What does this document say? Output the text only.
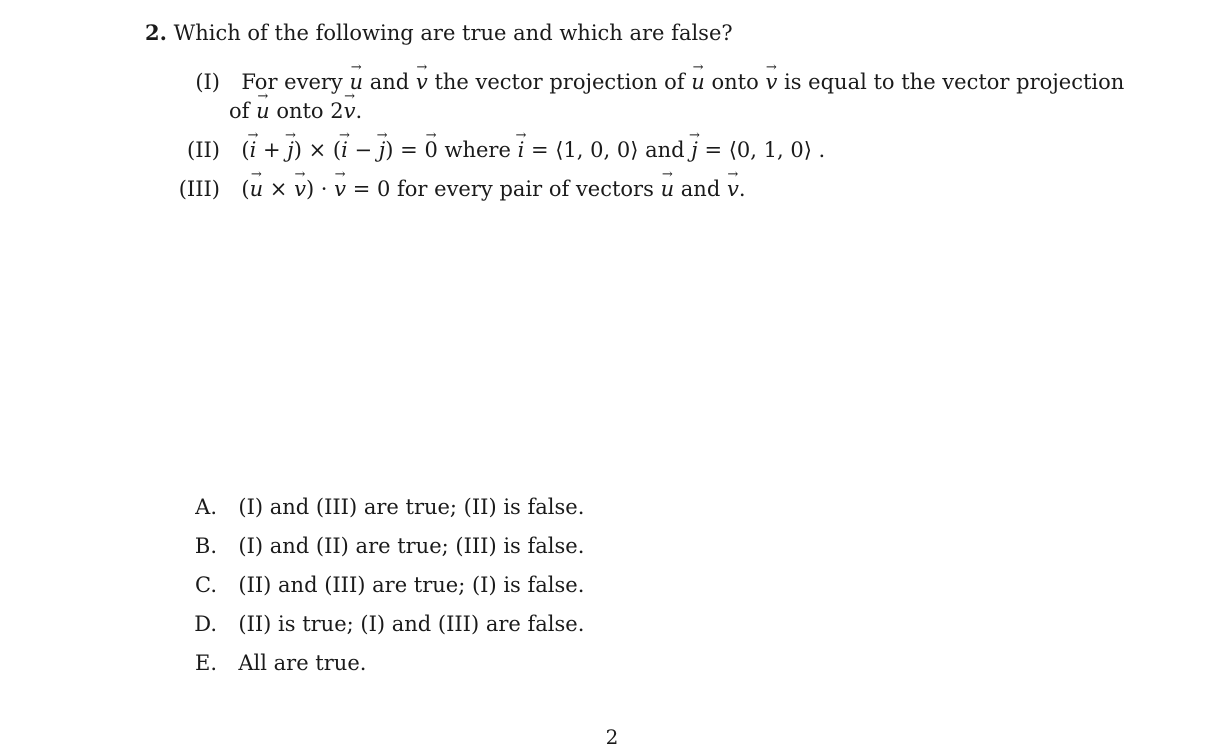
2. Which of the following are true and which are false?
(I) For every u → and v → the vector projection of u → onto v → is equal to the vector projection
of u → onto 2v →.
(II) (i → + j →) × (i → − j →) = 0 → where i → = ⟨1, 0, 0⟩ and j → = ⟨0, 1, 0⟩ .
(III) (u → × v →) · v → = 0 for every pair of vectors u → and v →.
A. (I) and (III) are true; (II) is false.
B. (I) and (II) are true; (III) is false.
C. (II) and (III) are true; (I) is false.
D. (II) is true; (I) and (III) are false.
E. All are true.
2
